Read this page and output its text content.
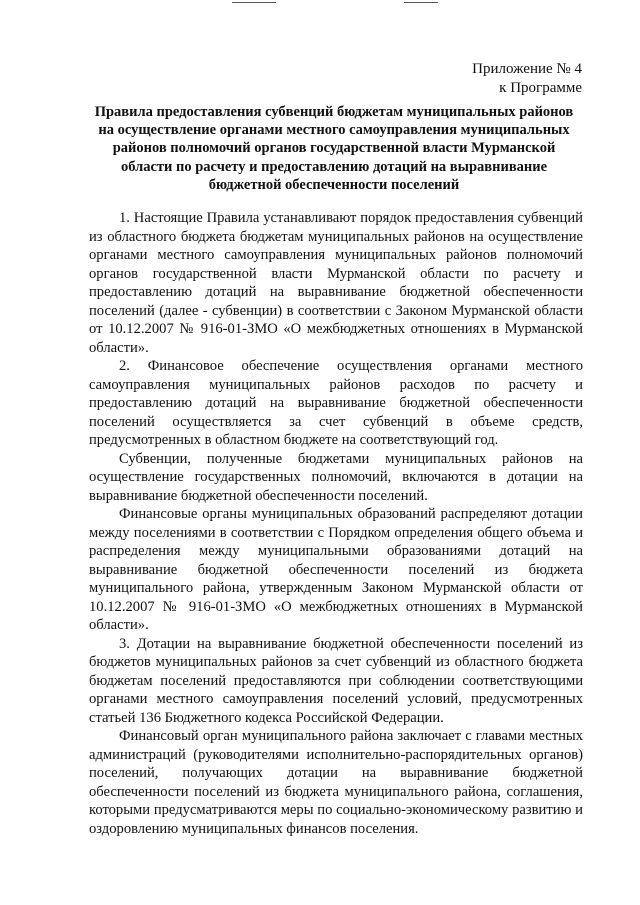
Приложение № 4
к Программе
Правила предоставления субвенций бюджетам муниципальных районов на осуществление органами местного самоуправления муниципальных районов полномочий органов государственной власти Мурманской области по расчету и предоставлению дотаций на выравнивание бюджетной обеспеченности поселений

1. Настоящие Правила устанавливают порядок предоставления субвенций из областного бюджета бюджетам муниципальных районов на осуществление органами местного самоуправления муниципальных районов полномочий органов государственной власти Мурманской области по расчету и предоставлению дотаций на выравнивание бюджетной обеспеченности поселений (далее - субвенции) в соответствии с Законом Мурманской области от 10.12.2007 № 916-01-ЗМО «О межбюджетных отношениях в Мурманской области».

2. Финансовое обеспечение осуществления органами местного самоуправления муниципальных районов расходов по расчету и предоставлению дотаций на выравнивание бюджетной обеспеченности поселений осуществляется за счет субвенций в объеме средств, предусмотренных в областном бюджете на соответствующий год.

Субвенции, полученные бюджетами муниципальных районов на осуществление государственных полномочий, включаются в дотации на выравнивание бюджетной обеспеченности поселений.

Финансовые органы муниципальных образований распределяют дотации между поселениями в соответствии с Порядком определения общего объема и распределения между муниципальными образованиями дотаций на выравнивание бюджетной обеспеченности поселений из бюджета муниципального района, утвержденным Законом Мурманской области от 10.12.2007 № 916-01-ЗМО «О межбюджетных отношениях в Мурманской области».

3. Дотации на выравнивание бюджетной обеспеченности поселений из бюджетов муниципальных районов за счет субвенций из областного бюджета бюджетам поселений предоставляются при соблюдении соответствующими органами местного самоуправления поселений условий, предусмотренных статьей 136 Бюджетного кодекса Российской Федерации.

Финансовый орган муниципального района заключает с главами местных администраций (руководителями исполнительно-распорядительных органов) поселений, получающих дотации на выравнивание бюджетной обеспеченности поселений из бюджета муниципального района, соглашения, которыми предусматриваются меры по социально-экономическому развитию и оздоровлению муниципальных финансов поселения.
